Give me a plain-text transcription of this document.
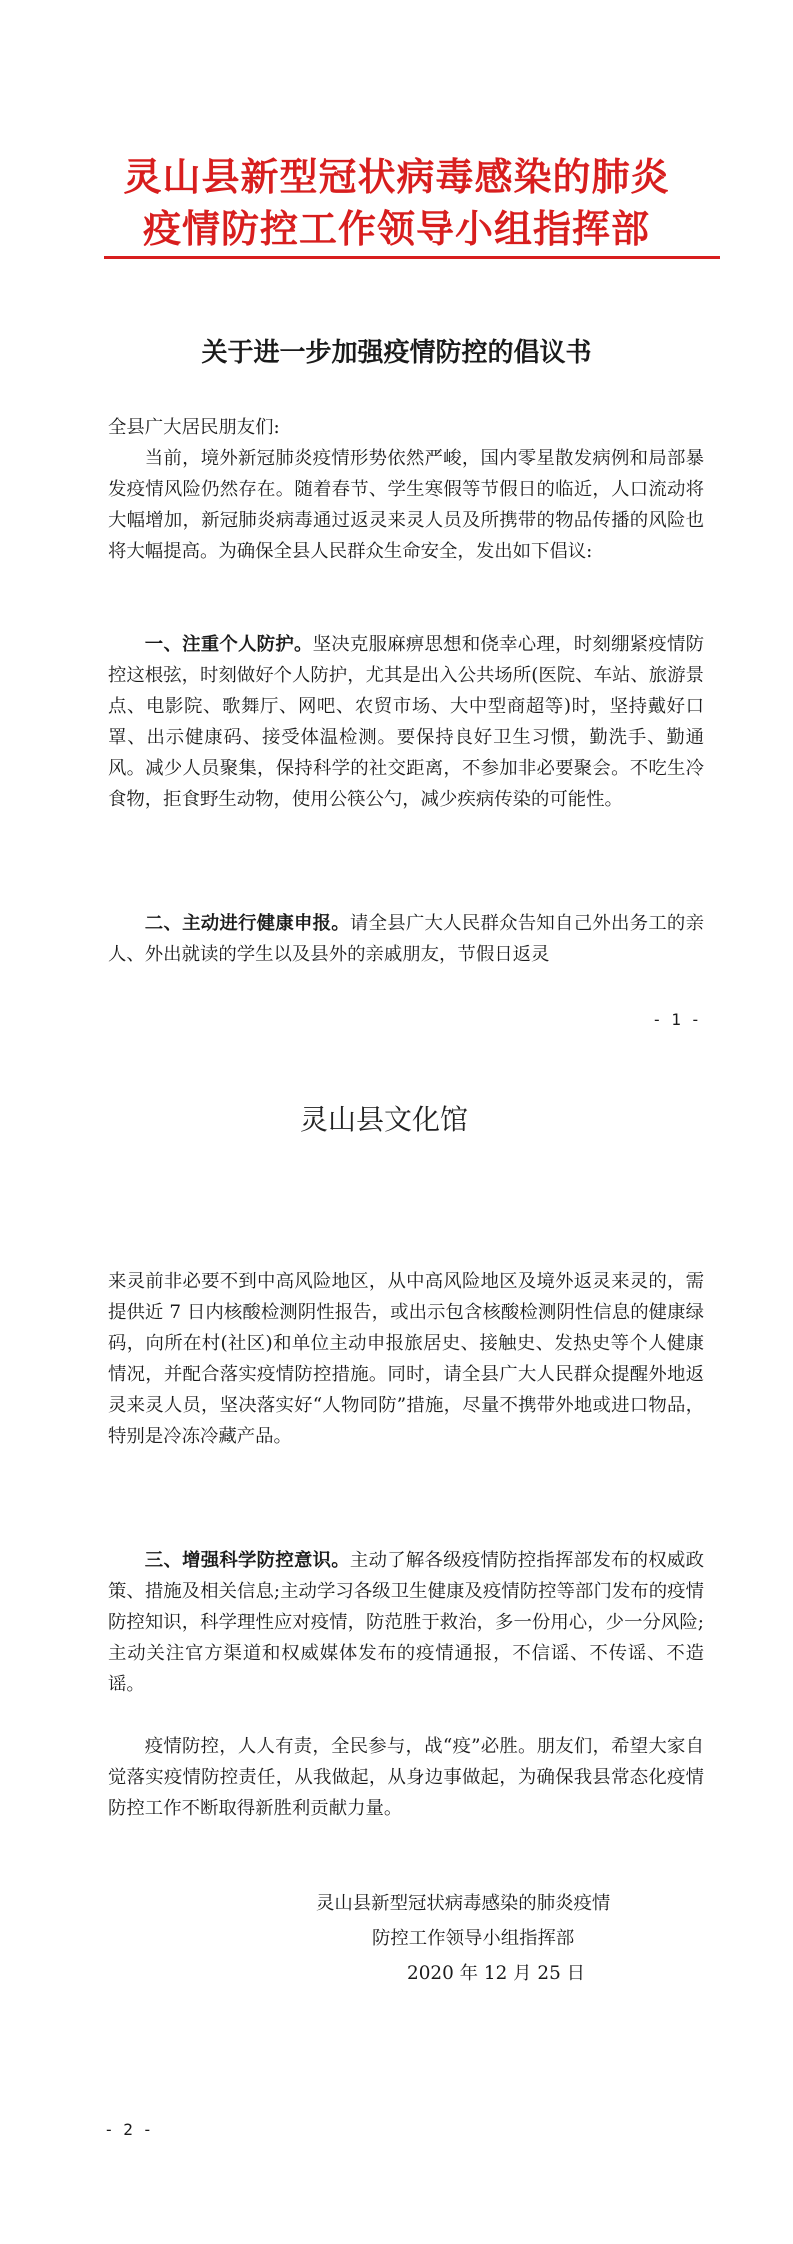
灵山县新型冠状病毒感染的肺炎
疫情防控工作领导小组指挥部
关于进一步加强疫情防控的倡议书
全县广大居民朋友们:

当前，境外新冠肺炎疫情形势依然严峻，国内零星散发病例和局部暴发疫情风险仍然存在。随着春节、学生寒假等节假日的临近，人口流动将大幅增加，新冠肺炎病毒通过返灵来灵人员及所携带的物品传播的风险也将大幅提高。为确保全县人民群众生命安全，发出如下倡议:

一、注重个人防护。坚决克服麻痹思想和侥幸心理，时刻绷紧疫情防控这根弦，时刻做好个人防护，尤其是出入公共场所(医院、车站、旅游景点、电影院、歌舞厅、网吧、农贸市场、大中型商超等)时，坚持戴好口罩、出示健康码、接受体温检测。要保持良好卫生习惯，勤洗手、勤通风。减少人员聚集，保持科学的社交距离，不参加非必要聚会。不吃生冷食物，拒食野生动物，使用公筷公勺，减少疾病传染的可能性。

二、主动进行健康申报。请全县广大人民群众告知自己外出务工的亲人、外出就读的学生以及县外的亲戚朋友，节假日返灵

- 1 -
灵山县文化馆

来灵前非必要不到中高风险地区，从中高风险地区及境外返灵来灵的，需提供近 7 日内核酸检测阴性报告，或出示包含核酸检测阴性信息的健康绿码，向所在村(社区)和单位主动申报旅居史、接触史、发热史等个人健康情况，并配合落实疫情防控措施。同时，请全县广大人民群众提醒外地返灵来灵人员，坚决落实好“人物同防”措施，尽量不携带外地或进口物品，特别是冷冻冷藏产品。

三、增强科学防控意识。主动了解各级疫情防控指挥部发布的权威政策、措施及相关信息;主动学习各级卫生健康及疫情防控等部门发布的疫情防控知识，科学理性应对疫情，防范胜于救治，多一份用心，少一分风险;主动关注官方渠道和权威媒体发布的疫情通报，不信谣、不传谣、不造谣。

疫情防控，人人有责，全民参与，战“疫”必胜。朋友们，希望大家自觉落实疫情防控责任，从我做起，从身边事做起，为确保我县常态化疫情防控工作不断取得新胜利贡献力量。

灵山县新型冠状病毒感染的肺炎疫情
防控工作领导小组指挥部
2020 年 12 月 25 日
- 2 -
